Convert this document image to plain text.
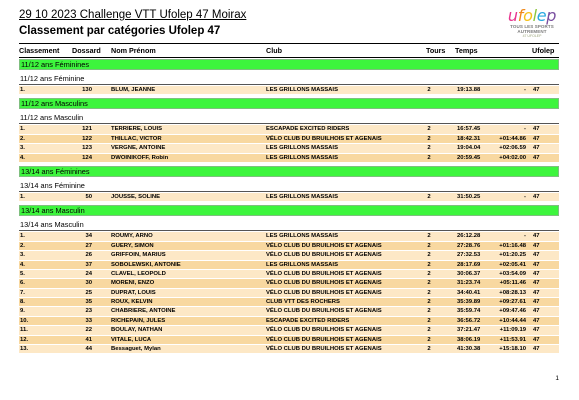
29 10 2023 Challenge VTT Ufolep 47 Moirax
Classement par catégories Ufolep 47
ufolep
TOUS LES SPORTS AUTREMENT
47 UFOLEP
Classement Dossard Nom Prénom	Club	Tours Temps	Ufolep
11/12 ans Féminines
11/12 ans Féminine
1.	130	BLUM, JEANNE	LES GRILLONS MASSAIS	2	19:13.88	- 47
11/12 ans Masculins
11/12 ans Masculin
1.	121	TERRIERE, LOUIS	ESCAPADE EXCITED RIDERS	2	16:57.45	- 47
2.	122	THILLAC, VICTOR	VÉLO CLUB DU BRUILHOIS ET AGENAIS	2	18:42.31	+01:44.86 47
3.	123	VERGNE, ANTOINE	LES GRILLONS MASSAIS	2	19:04.04	+02:06.59 47
4.	124	DWOINIKOFF, Robin	LES GRILLONS MASSAIS	2	20:59.45	+04:02.00 47
13/14 ans Féminines
13/14 ans Féminine
1.	50	JOUSSE, SOLINE	LES GRILLONS MASSAIS	2	31:50.25	- 47
13/14 ans Masculin
13/14 ans Masculin
1.	34	ROUMY, ARNO	LES GRILLONS MASSAIS	2	26:12.28	- 47
2.	27	GUERY, SIMON	VÉLO CLUB DU BRUILHOIS ET AGENAIS	2	27:28.76	+01:16.48 47
3.	26	GRIFFOIN, MARIUS	VÉLO CLUB DU BRUILHOIS ET AGENAIS	2	27:32.53	+01:20.25 47
4.	37	SOBOLEWSKI, ANTONIE	LES GRILLONS MASSAIS	2	28:17.69	+02:05.41 47
5.	24	CLAVEL, LEOPOLD	VÉLO CLUB DU BRUILHOIS ET AGENAIS	2	30:06.37	+03:54.09 47
6.	30	MORENI, ENZO	VÉLO CLUB DU BRUILHOIS ET AGENAIS	2	31:23.74	+05:11.46 47
7.	25	DUPRAT, LOUIS	VÉLO CLUB DU BRUILHOIS ET AGENAIS	2	34:40.41	+08:28.13 47
8.	35	ROUX, KELVIN	CLUB VTT DES ROCHERS	2	35:39.89	+09:27.61 47
9.	23	CHABRIERE, ANTOINE	VÉLO CLUB DU BRUILHOIS ET AGENAIS	2	35:59.74	+09:47.46 47
10.	33	RICHEPAIN, JULES	ESCAPADE EXCITED RIDERS	2	36:56.72	+10:44.44 47
11.	22	BOULAY, NATHAN	VÉLO CLUB DU BRUILHOIS ET AGENAIS	2	37:21.47	+11:09.19 47
12.	41	VITALE, LUCA	VÉLO CLUB DU BRUILHOIS ET AGENAIS	2	38:06.19	+11:53.91 47
13.	44	Bessaguet, Mylan	VÉLO CLUB DU BRUILHOIS ET AGENAIS	2	41:30.38	+15:18.10 47
1
